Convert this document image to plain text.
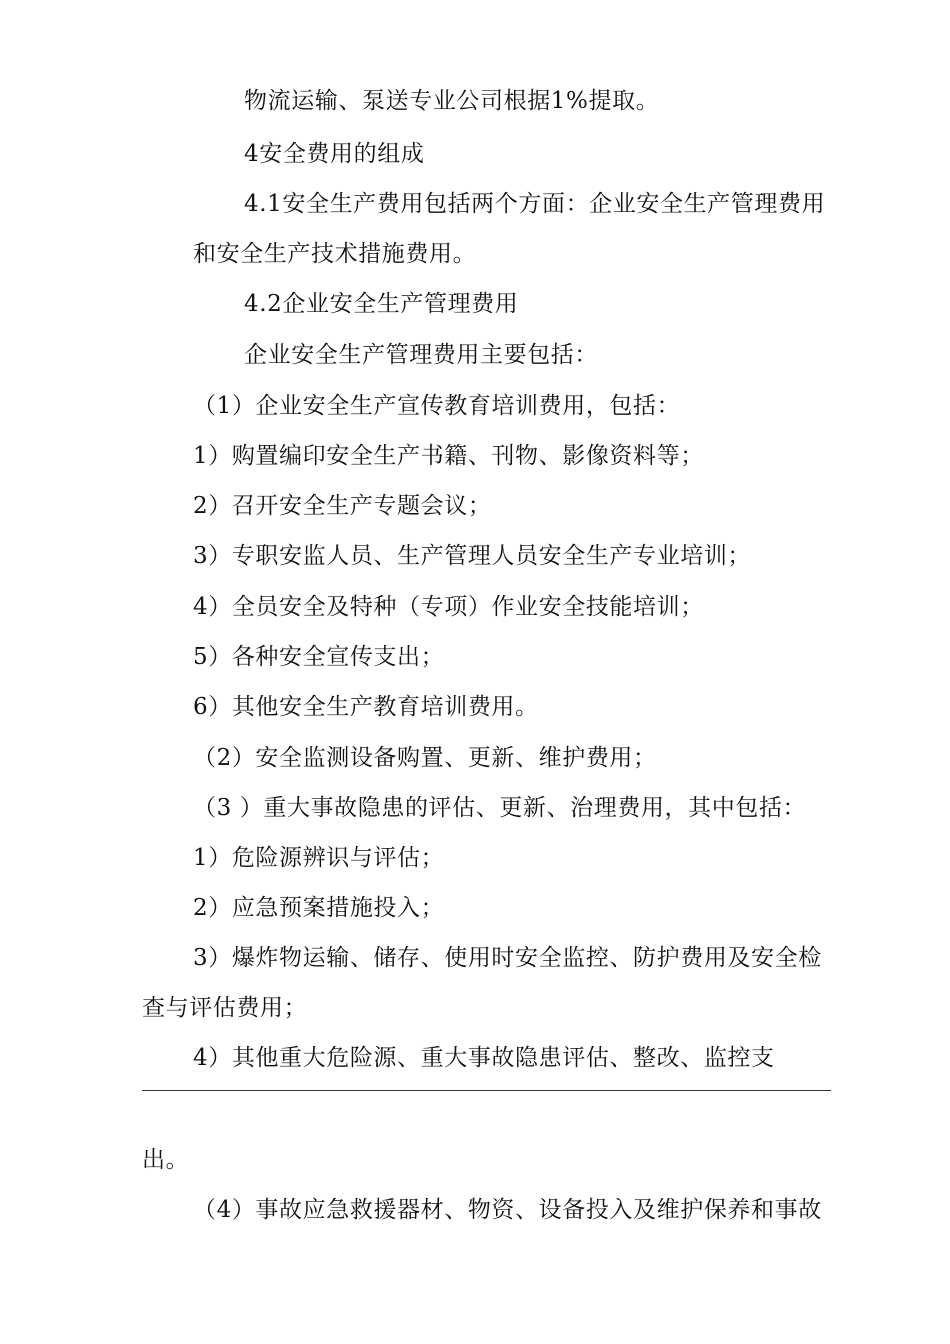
物流运输、泵送专业公司根据1%提取。
4安全费用的组成
4.1安全生产费用包括两个方面：企业安全生产管理费用
和安全生产技术措施费用。
4.2企业安全生产管理费用
企业安全生产管理费用主要包括：
（1）企业安全生产宣传教育培训费用，包括：
1）购置编印安全生产书籍、刊物、影像资料等；
2）召开安全生产专题会议；
3）专职安监人员、生产管理人员安全生产专业培训；
4）全员安全及特种（专项）作业安全技能培训；
5）各种安全宣传支出；
6）其他安全生产教育培训费用。
（2）安全监测设备购置、更新、维护费用；
（3 ）重大事故隐患的评估、更新、治理费用，其中包括：
1）危险源辨识与评估；
2）应急预案措施投入；
3）爆炸物运输、储存、使用时安全监控、防护费用及安全检
查与评估费用；
4）其他重大危险源、重大事故隐患评估、整改、监控支
出。
（4）事故应急救援器材、物资、设备投入及维护保养和事故
